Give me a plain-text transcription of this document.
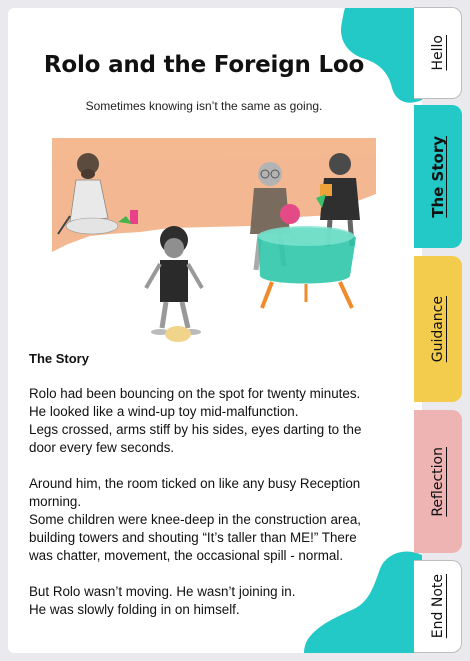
Rolo and the Foreign Loo
Sometimes knowing isn’t the same as going.
The Story

Rolo had been bouncing on the spot for twenty minutes.
He looked like a wind-up toy mid-malfunction.
Legs crossed, arms stiff by his sides, eyes darting to the
door every few seconds.

Around him, the room ticked on like any busy Reception
morning.
Some children were knee-deep in the construction area,
building towers and shouting “It’s taller than ME!” There
was chatter, movement, the occasional spill - normal.

But Rolo wasn’t moving. He wasn’t joining in.
He was slowly folding in on himself.

Hello
The Story
Guidance
Reflection
End Note
